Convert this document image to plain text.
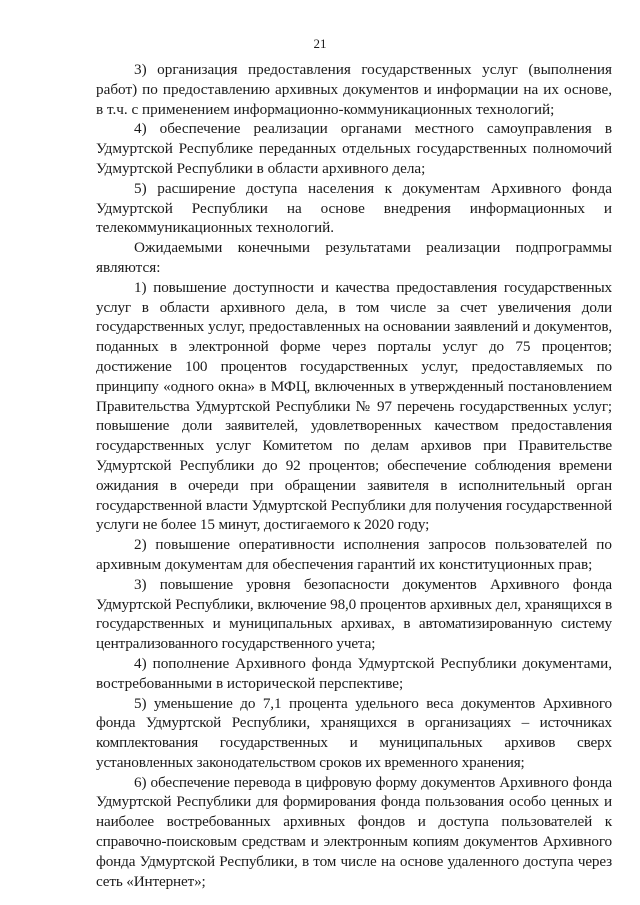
21

3) организация предоставления государственных услуг (выполнения работ) по предоставлению архивных документов и информации на их основе, в т.ч. с применением информационно-коммуникационных технологий;

4) обеспечение реализации органами местного самоуправления в Удмуртской Республике переданных отдельных государственных полномочий Удмуртской Республики в области архивного дела;

5) расширение доступа населения к документам Архивного фонда Удмуртской Республики на основе внедрения информационных и телекоммуникационных технологий.

Ожидаемыми конечными результатами реализации подпрограммы являются:

1) повышение доступности и качества предоставления государственных услуг в области архивного дела, в том числе за счет увеличения доли государственных услуг, предоставленных на основании заявлений и документов, поданных в электронной форме через порталы услуг до 75 процентов; достижение 100 процентов государственных услуг, предоставляемых по принципу «одного окна» в МФЦ, включенных в утвержденный постановлением Правительства Удмуртской Республики № 97 перечень государственных услуг; повышение доли заявителей, удовлетворенных качеством предоставления государственных услуг Комитетом по делам архивов при Правительстве Удмуртской Республики до 92 процентов; обеспечение соблюдения времени ожидания в очереди при обращении заявителя в исполнительный орган государственной власти Удмуртской Республики для получения государственной услуги не более 15 минут, достигаемого к 2020 году;

2) повышение оперативности исполнения запросов пользователей по архивным документам для обеспечения гарантий их конституционных прав;

3) повышение уровня безопасности документов Архивного фонда Удмуртской Республики, включение 98,0 процентов архивных дел, хранящихся в государственных и муниципальных архивах, в автоматизированную систему централизованного государственного учета;

4) пополнение Архивного фонда Удмуртской Республики документами, востребованными в исторической перспективе;

5) уменьшение до 7,1 процента удельного веса документов Архивного фонда Удмуртской Республики, хранящихся в организациях – источниках комплектования государственных и муниципальных архивов сверх установленных законодательством сроков их временного хранения;

6) обеспечение перевода в цифровую форму документов Архивного фонда Удмуртской Республики для формирования фонда пользования особо ценных и наиболее востребованных архивных фондов и доступа пользователей к справочно-поисковым средствам и электронным копиям документов Архивного фонда Удмуртской Республики, в том числе на основе удаленного доступа через сеть «Интернет»;
